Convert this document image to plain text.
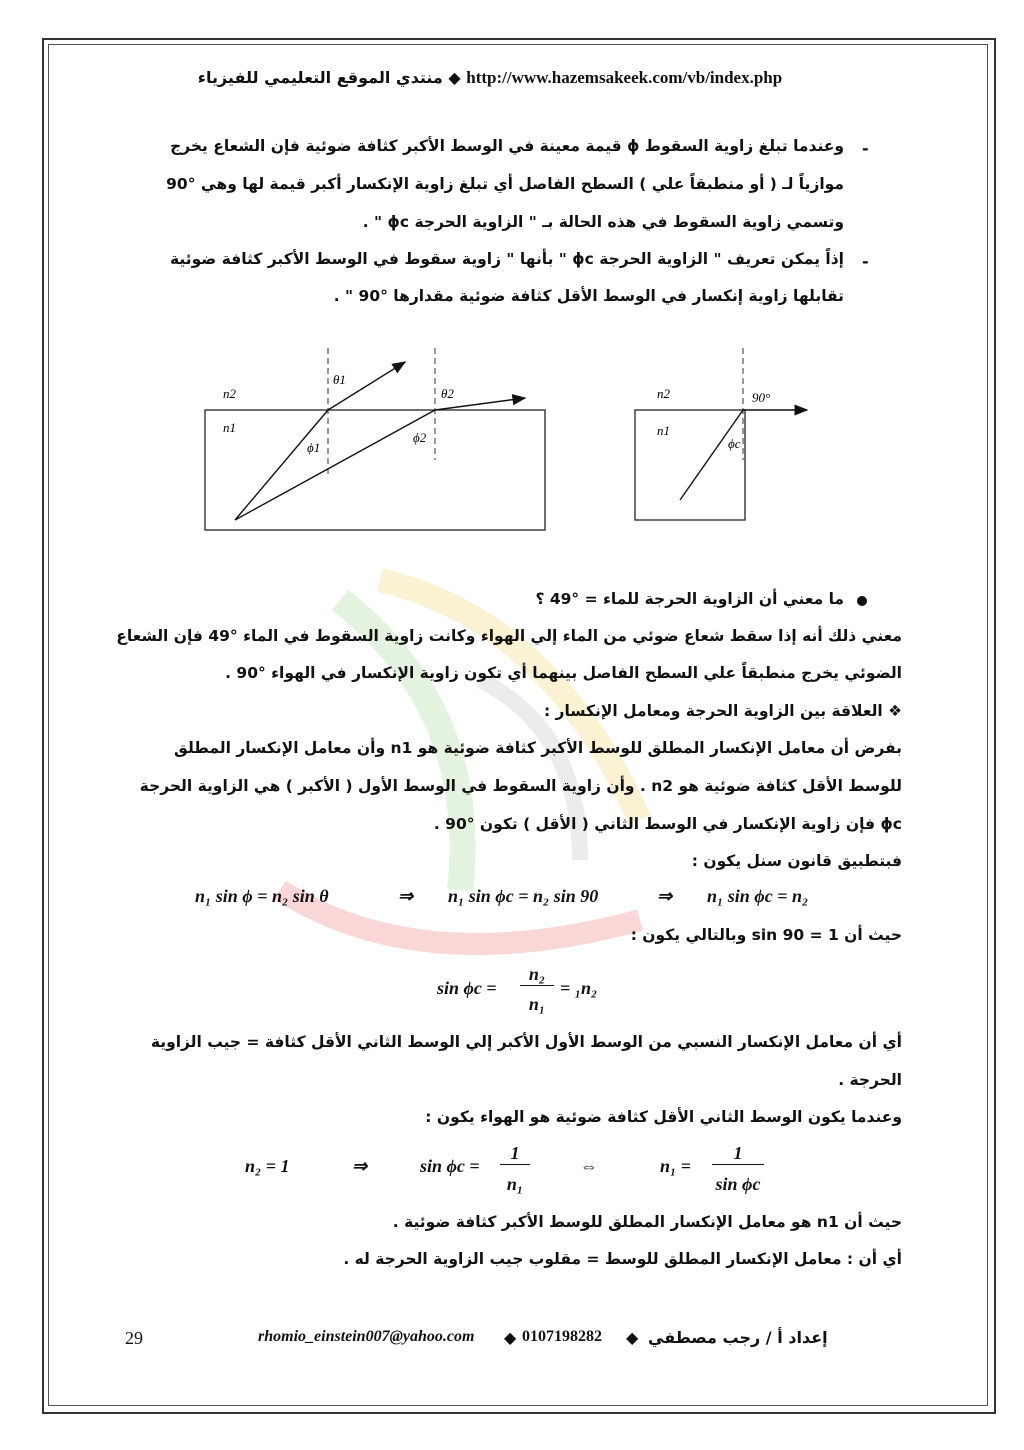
منتدي الموقع التعليمي للفيزياء ◆ http://www.hazemsakeek.com/vb/index.php
-
وعندما تبلغ زاوية السقوط ϕ قيمة معينة في الوسط الأكبر كثافة ضوئية فإن الشعاع يخرج
موازياً لـ ( أو منطبقاً علي ) السطح الفاصل أي تبلغ زاوية الإنكسار أكبر قيمة لها وهي °90
وتسمي زاوية السقوط في هذه الحالة بـ " الزاوية الحرجة ϕc " .
-
إذاً يمكن تعريف " الزاوية الحرجة ϕc " بأنها " زاوية سقوط في الوسط الأكبر كثافة ضوئية
تقابلها زاوية إنكسار في الوسط الأقل كثافة ضوئية مقدارها °90 " .
n2
n1
θ1
θ2
ϕ1
ϕ2
n2
n1
90°
ϕc
ما معني أن الزاوية الحرجة للماء = °49 ؟
معني ذلك أنه إذا سقط شعاع ضوئي من الماء إلي الهواء وكانت زاوية السقوط في الماء °49 فإن الشعاع
الضوئي يخرج منطبقاً علي السطح الفاصل بينهما أي تكون زاوية الإنكسار في الهواء °90 .
❖ العلاقة بين الزاوية الحرجة ومعامل الإنكسار :
بفرض أن معامل الإنكسار المطلق للوسط الأكبر كثافة ضوئية هو n1 وأن معامل الإنكسار المطلق
للوسط الأقل كثافة ضوئية هو n2 . وأن زاوية السقوط في الوسط الأول ( الأكبر ) هي الزاوية الحرجة
ϕc فإن زاوية الإنكسار في الوسط الثاني ( الأقل ) تكون °90 .
فبتطبيق قانون سنل يكون :
n₁ sin ϕ = n₂ sin θ	⇒ n₁ sin ϕc = n₂ sin 90	⇒ n₁ sin ϕc = n₂
حيث أن 1 = sin 90 وبالتالي يكون :
sin ϕc =
n₂
n₁
= ₁n₂
أي أن معامل الإنكسار النسبي من الوسط الأول الأكبر إلي الوسط الثاني الأقل كثافة = جيب الزاوية
الحرجة .
وعندما يكون الوسط الثاني الأقل كثافة ضوئية هو الهواء يكون :
n₂ = 1	⇒	sin ϕc =
1
n₁
⇔	n₁ =
1
sin ϕc
حيث أن n1 هو معامل الإنكسار المطلق للوسط الأكبر كثافة ضوئية .
أي أن : معامل الإنكسار المطلق للوسط = مقلوب جيب الزاوية الحرجة له .
29	rhomio_einstein007@yahoo.com ◆ 0107198282 ◆ إعداد أ / رجب مصطفي
